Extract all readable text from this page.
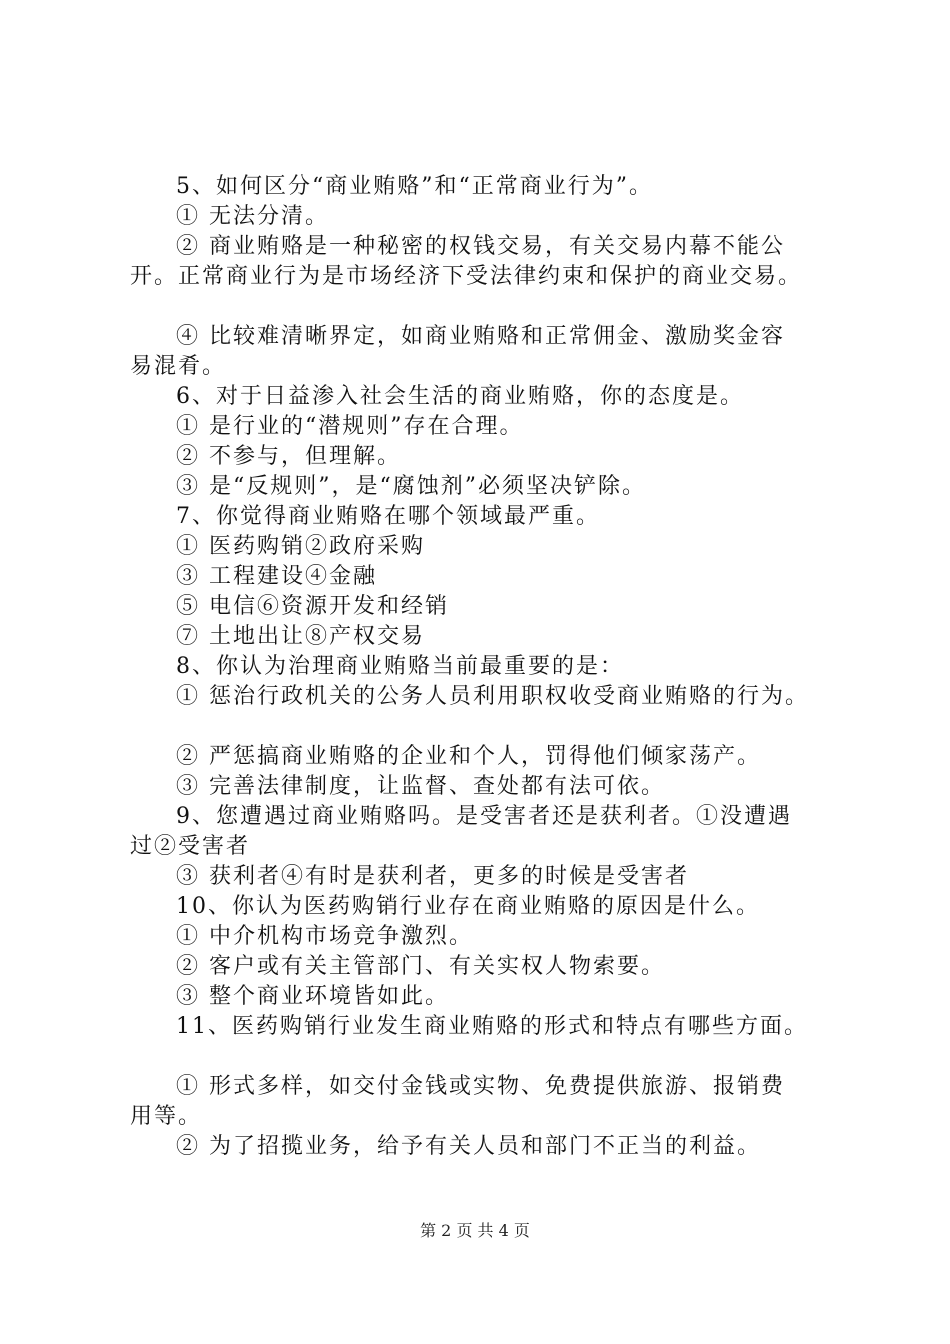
5、如何区分“商业贿赂”和“正常商业行为”。
① 无法分清。
② 商业贿赂是一种秘密的权钱交易，有关交易内幕不能公
开。正常商业行为是市场经济下受法律约束和保护的商业交易。
④ 比较难清晰界定，如商业贿赂和正常佣金、激励奖金容
易混肴。
6、对于日益渗入社会生活的商业贿赂，你的态度是。
① 是行业的“潜规则”存在合理。
② 不参与，但理解。
③ 是“反规则”，是“腐蚀剂”必须坚决铲除。
7、你觉得商业贿赂在哪个领域最严重。
① 医药购销②政府采购
③ 工程建设④金融
⑤ 电信⑥资源开发和经销
⑦ 土地出让⑧产权交易
8、你认为治理商业贿赂当前最重要的是：
① 惩治行政机关的公务人员利用职权收受商业贿赂的行为。
② 严惩搞商业贿赂的企业和个人，罚得他们倾家荡产。
③ 完善法律制度，让监督、查处都有法可依。
9、您遭遇过商业贿赂吗。是受害者还是获利者。①没遭遇
过②受害者
③ 获利者④有时是获利者，更多的时候是受害者
10、你认为医药购销行业存在商业贿赂的原因是什么。
① 中介机构市场竞争激烈。
② 客户或有关主管部门、有关实权人物索要。
③ 整个商业环境皆如此。
11、医药购销行业发生商业贿赂的形式和特点有哪些方面。
① 形式多样，如交付金钱或实物、免费提供旅游、报销费
用等。
② 为了招揽业务，给予有关人员和部门不正当的利益。
第 2 页 共 4 页
